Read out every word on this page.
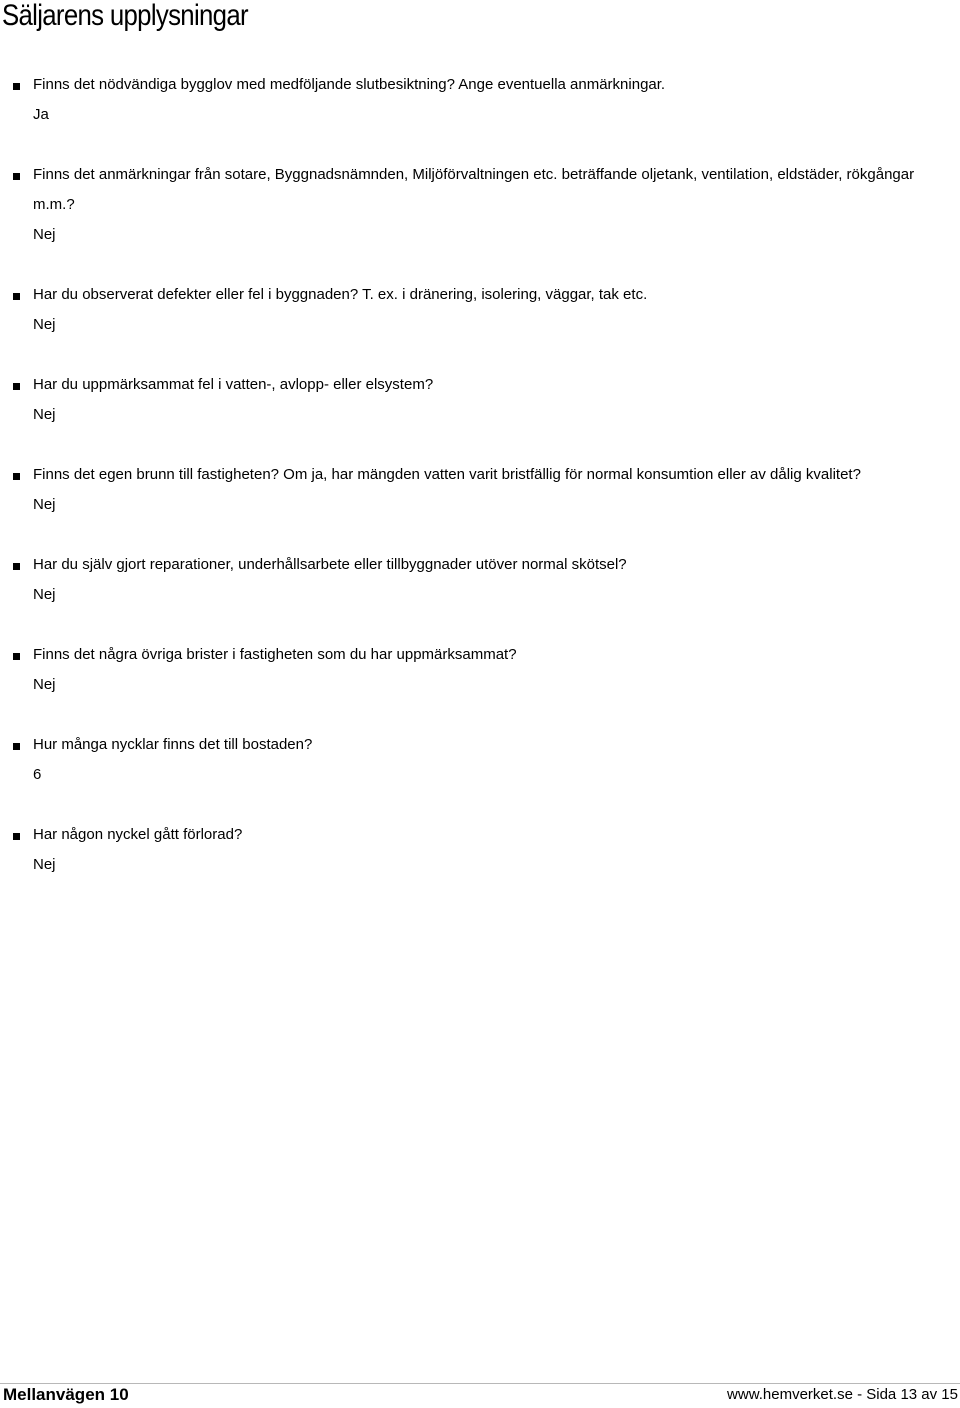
Säljarens upplysningar
Finns det nödvändiga bygglov med medföljande slutbesiktning? Ange eventuella anmärkningar.
Ja
Finns det anmärkningar från sotare, Byggnadsnämnden, Miljöförvaltningen etc. beträffande oljetank, ventilation, eldstäder, rökgångar m.m.?
Nej
Har du observerat defekter eller fel i byggnaden? T. ex. i dränering, isolering, väggar, tak etc.
Nej
Har du uppmärksammat fel i vatten-, avlopp- eller elsystem?
Nej
Finns det egen brunn till fastigheten? Om ja, har mängden vatten varit bristfällig för normal konsumtion eller av dålig kvalitet?
Nej
Har du själv gjort reparationer, underhållsarbete eller tillbyggnader utöver normal skötsel?
Nej
Finns det några övriga brister i fastigheten som du har uppmärksammat?
Nej
Hur många nycklar finns det till bostaden?
6
Har någon nyckel gått förlorad?
Nej
Mellanvägen 10	www.hemverket.se - Sida 13 av 15
